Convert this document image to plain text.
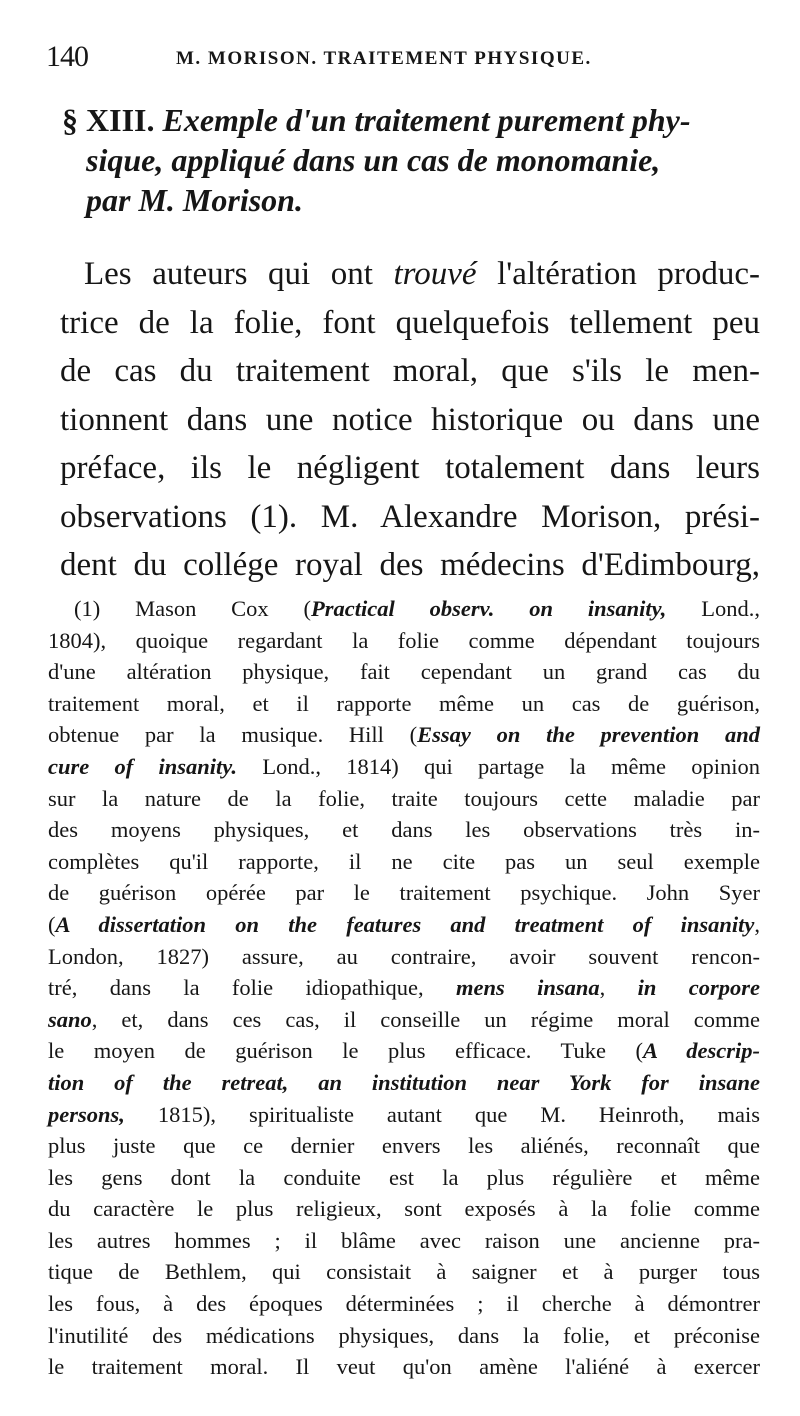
140	M. MORISON. TRAITEMENT PHYSIQUE.
§ XIII. Exemple d'un traitement purement phy-
sique, appliqué dans un cas de monomanie,
par M. Morison.
Les auteurs qui ont trouvé l'altération produc-
trice de la folie, font quelquefois tellement peu
de cas du traitement moral, que s'ils le men-
tionnent dans une notice historique ou dans une
préface, ils le négligent totalement dans leurs
observations (1). M. Alexandre Morison, prési-
dent du collége royal des médecins d'Edimbourg,
(1) Mason Cox (Practical observ. on insanity, Lond.,
1804), quoique regardant la folie comme dépendant toujours
d'une altération physique, fait cependant un grand cas du
traitement moral, et il rapporte même un cas de guérison,
obtenue par la musique. Hill (Essay on the prevention and
cure of insanity. Lond., 1814) qui partage la même opinion
sur la nature de la folie, traite toujours cette maladie par
des moyens physiques, et dans les observations très in-
complètes qu'il rapporte, il ne cite pas un seul exemple
de guérison opérée par le traitement psychique. John Syer
(A dissertation on the features and treatment of insanity,
London, 1827) assure, au contraire, avoir souvent rencon-
tré, dans la folie idiopathique, mens insana, in corpore
sano, et, dans ces cas, il conseille un régime moral comme
le moyen de guérison le plus efficace. Tuke (A descrip-
tion of the retreat, an institution near York for insane
persons, 1815), spiritualiste autant que M. Heinroth, mais
plus juste que ce dernier envers les aliénés, reconnaît que
les gens dont la conduite est la plus régulière et même
du caractère le plus religieux, sont exposés à la folie comme
les autres hommes ; il blâme avec raison une ancienne pra-
tique de Bethlem, qui consistait à saigner et à purger tous
les fous, à des époques déterminées ; il cherche à démontrer
l'inutilité des médications physiques, dans la folie, et préconise
le traitement moral. Il veut qu'on amène l'aliéné à exercer
